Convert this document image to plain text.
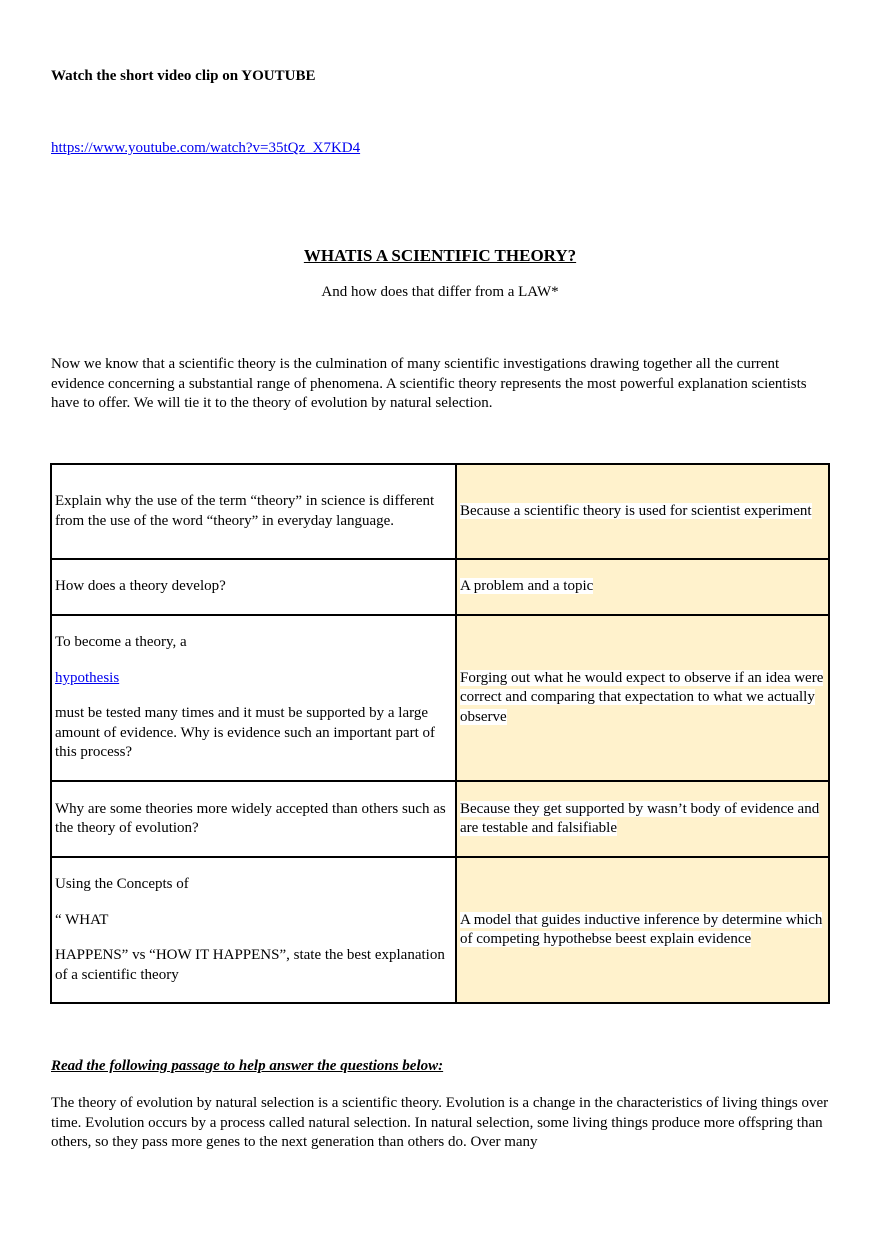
Watch the short video clip on YOUTUBE
https://www.youtube.com/watch?v=35tQz_X7KD4
WHATIS A SCIENTIFIC THEORY?
And how does that differ from a LAW*
Now we know that a scientific theory is the culmination of many scientific investigations drawing together all the current evidence concerning a substantial range of phenomena. A scientific theory represents the most powerful explanation scientists have to offer. We will tie it to the theory of evolution by natural selection.
Explain why the use of the term “theory” in science is different from the use of the word “theory” in everyday language.	Because a scientific theory is used for scientist experiment
How does a theory develop?	A problem and a topic

To become a theory, a

hypothesis

must be tested many times and it must be supported by a large amount of evidence. Why is evidence such an important part of this process?	Forging out what he would expect to observe if an idea were correct and comparing that expectation to what we actually observe
Why are some theories more widely accepted than others such as the theory of evolution?	Because they get supported by wasn’t body of evidence and are testable and falsifiable

Using the Concepts of

“ WHAT

HAPPENS” vs “HOW IT HAPPENS”, state the best explanation of a scientific theory	A model that guides inductive inference by determine which of competing hypothebse beest explain evidence
Read the following passage to help answer the questions below:
The theory of evolution by natural selection is a scientific theory. Evolution is a change in the characteristics of living things over time. Evolution occurs by a process called natural selection. In natural selection, some living things produce more offspring than others, so they pass more genes to the next generation than others do. Over many
